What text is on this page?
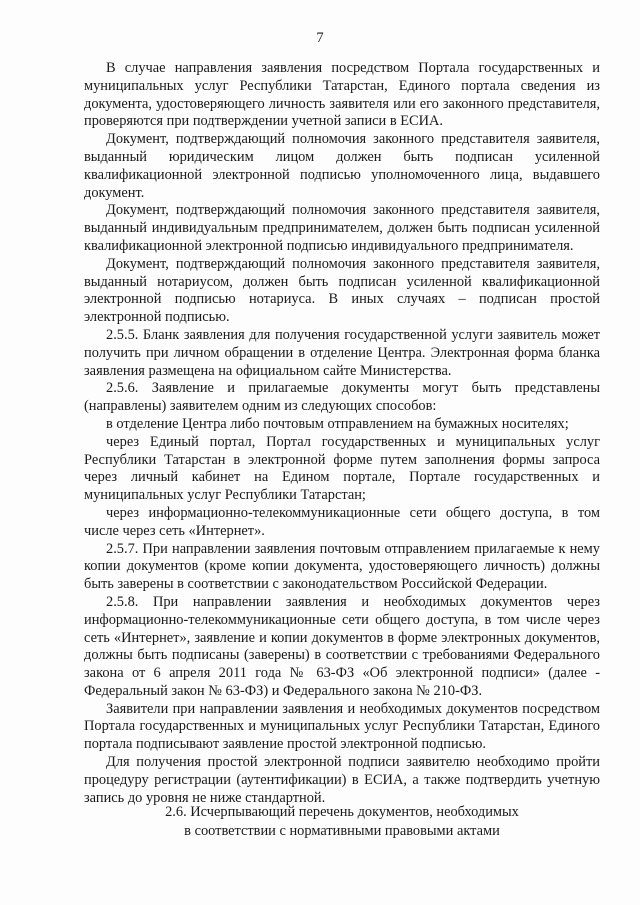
7

В случае направления заявления посредством Портала государственных и муниципальных услуг Республики Татарстан, Единого портала сведения из документа, удостоверяющего личность заявителя или его законного представителя, проверяются при подтверждении учетной записи в ЕСИА.

Документ, подтверждающий полномочия законного представителя заявителя, выданный юридическим лицом должен быть подписан усиленной квалификационной электронной подписью уполномоченного лица, выдавшего документ.

Документ, подтверждающий полномочия законного представителя заявителя, выданный индивидуальным предпринимателем, должен быть подписан усиленной квалификационной электронной подписью индивидуального предпринимателя.

Документ, подтверждающий полномочия законного представителя заявителя, выданный нотариусом, должен быть подписан усиленной квалификационной электронной подписью нотариуса. В иных случаях – подписан простой электронной подписью.

2.5.5. Бланк заявления для получения государственной услуги заявитель может получить при личном обращении в отделение Центра. Электронная форма бланка заявления размещена на официальном сайте Министерства.

2.5.6. Заявление и прилагаемые документы могут быть представлены (направлены) заявителем одним из следующих способов:

в отделение Центра либо почтовым отправлением на бумажных носителях;

через Единый портал, Портал государственных и муниципальных услуг Республики Татарстан в электронной форме путем заполнения формы запроса через личный кабинет на Едином портале, Портале государственных и муниципальных услуг Республики Татарстан;

через информационно-телекоммуникационные сети общего доступа, в том числе через сеть «Интернет».

2.5.7. При направлении заявления почтовым отправлением прилагаемые к нему копии документов (кроме копии документа, удостоверяющего личность) должны быть заверены в соответствии с законодательством Российской Федерации.

2.5.8. При направлении заявления и необходимых документов через информационно-телекоммуникационные сети общего доступа, в том числе через сеть «Интернет», заявление и копии документов в форме электронных документов, должны быть подписаны (заверены) в соответствии с требованиями Федерального закона от 6 апреля 2011 года № 63-ФЗ «Об электронной подписи» (далее - Федеральный закон № 63-ФЗ) и Федерального закона № 210-ФЗ.

Заявители при направлении заявления и необходимых документов посредством Портала государственных и муниципальных услуг Республики Татарстан, Единого портала подписывают заявление простой электронной подписью.

Для получения простой электронной подписи заявителю необходимо пройти процедуру регистрации (аутентификации) в ЕСИА, а также подтвердить учетную запись до уровня не ниже стандартной.

2.6. Исчерпывающий перечень документов, необходимых
в соответствии с нормативными правовыми актами
